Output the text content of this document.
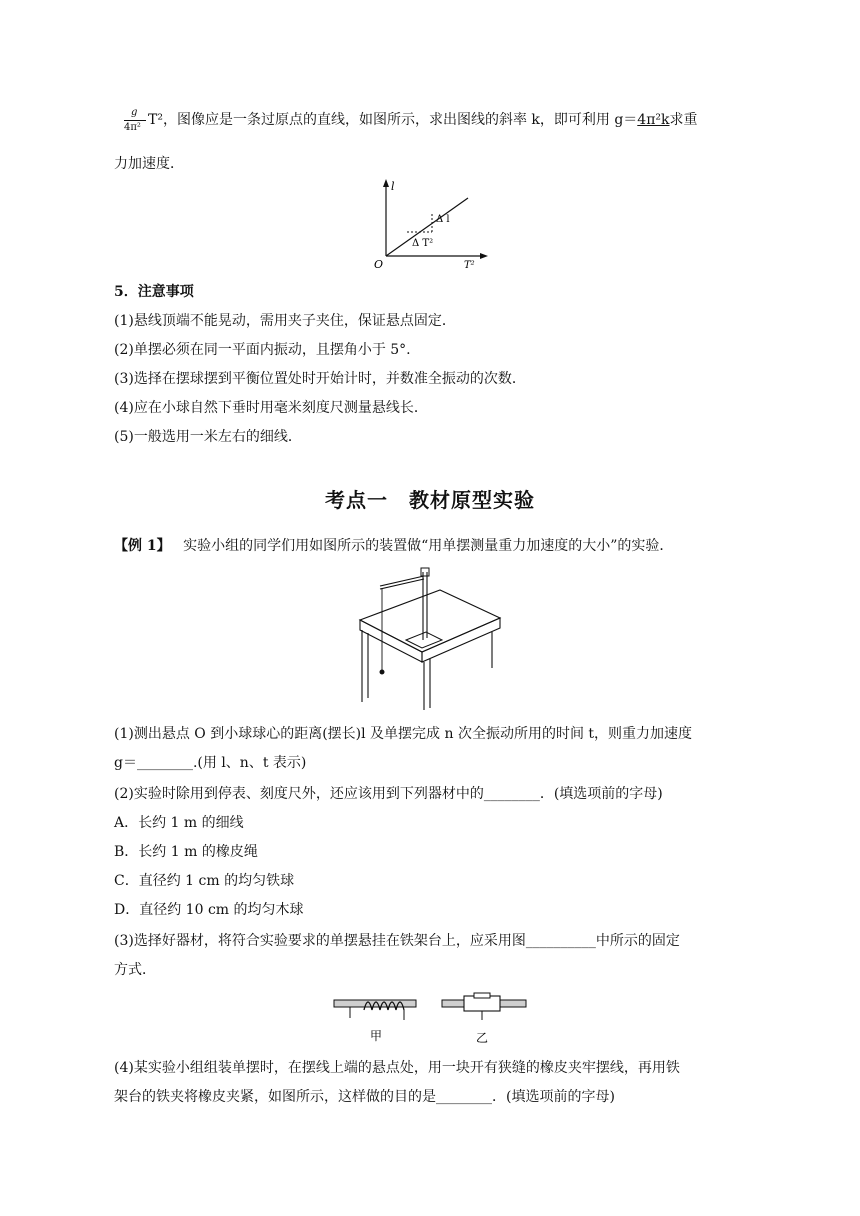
g
4π² T²，图像应是一条过原点的直线，如图所示，求出图线的斜率 k，即可利用 g＝4π²k求重
力加速度．
l
T²
O
Δ l
Δ T²
5．注意事项
(1)悬线顶端不能晃动，需用夹子夹住，保证悬点固定．
(2)单摆必须在同一平面内振动，且摆角小于 5°.
(3)选择在摆球摆到平衡位置处时开始计时，并数准全振动的次数．
(4)应在小球自然下垂时用毫米刻度尺测量悬线长．
(5)一般选用一米左右的细线．
考点一　教材原型实验
【例 1】 实验小组的同学们用如图所示的装置做“用单摆测量重力加速度的大小”的实验．
(1)测出悬点 O 到小球球心的距离(摆长)l 及单摆完成 n 次全振动所用的时间 t，则重力加速度
g＝________.(用 l、n、t 表示)
(2)实验时除用到停表、刻度尺外，还应该用到下列器材中的________．(填选项前的字母)
A．长约 1 m 的细线
B．长约 1 m 的橡皮绳
C．直径约 1 cm 的均匀铁球
D．直径约 10 cm 的均匀木球
(3)选择好器材，将符合实验要求的单摆悬挂在铁架台上，应采用图__________中所示的固定
方式．
甲	乙
(4)某实验小组组装单摆时，在摆线上端的悬点处，用一块开有狭缝的橡皮夹牢摆线，再用铁
架台的铁夹将橡皮夹紧，如图所示，这样做的目的是________．(填选项前的字母)
